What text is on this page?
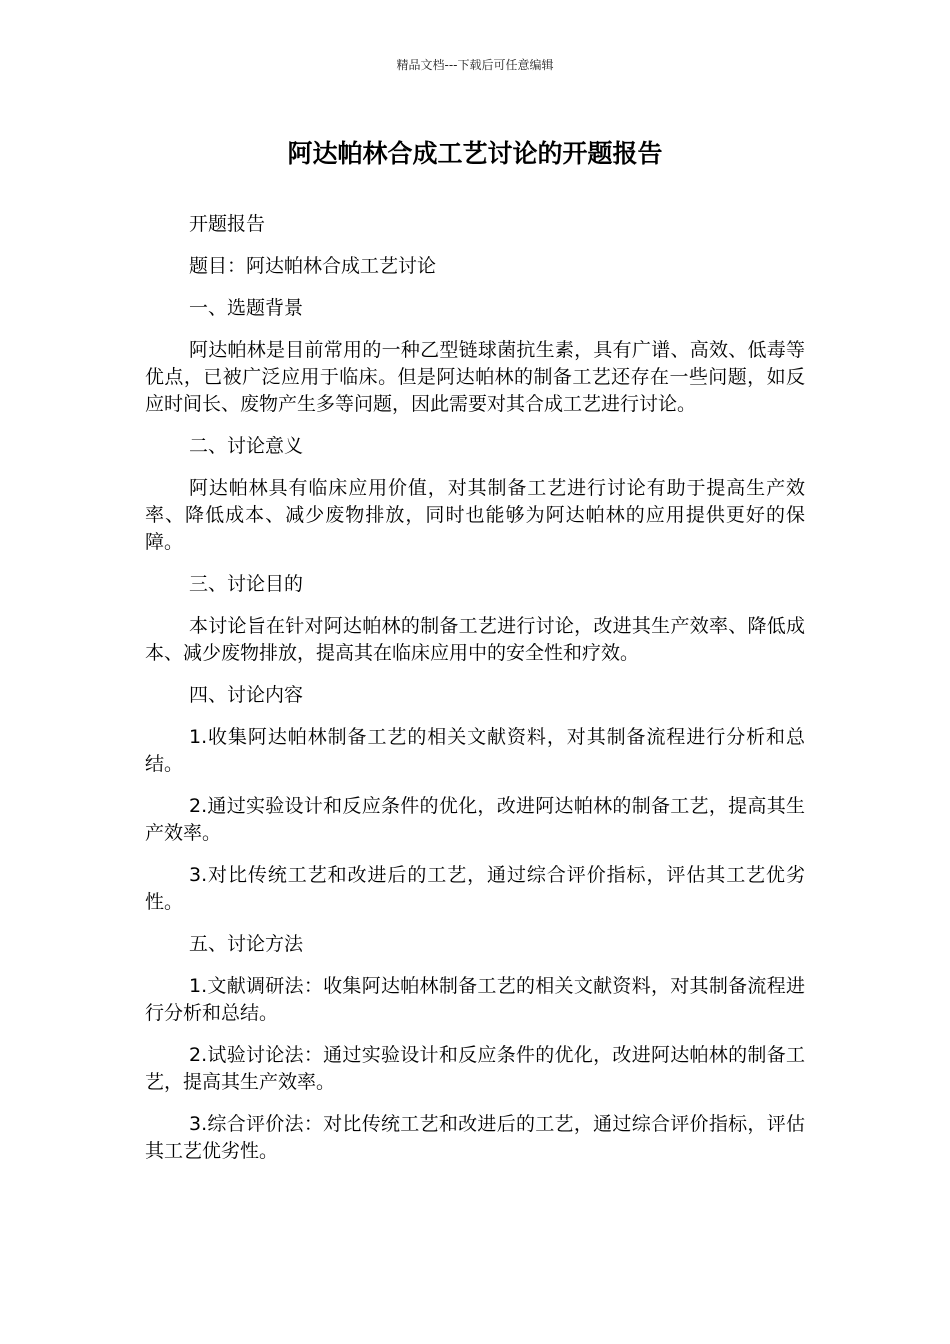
精品文档---下载后可任意编辑
阿达帕林合成工艺讨论的开题报告

开题报告

题目：阿达帕林合成工艺讨论

一、选题背景

阿达帕林是目前常用的一种乙型链球菌抗生素，具有广谱、高效、低毒等优点，已被广泛应用于临床。但是阿达帕林的制备工艺还存在一些问题，如反应时间长、废物产生多等问题，因此需要对其合成工艺进行讨论。

二、讨论意义

阿达帕林具有临床应用价值，对其制备工艺进行讨论有助于提高生产效率、降低成本、减少废物排放，同时也能够为阿达帕林的应用提供更好的保障。

三、讨论目的

本讨论旨在针对阿达帕林的制备工艺进行讨论，改进其生产效率、降低成本、减少废物排放，提高其在临床应用中的安全性和疗效。

四、讨论内容

1.收集阿达帕林制备工艺的相关文献资料，对其制备流程进行分析和总结。

2.通过实验设计和反应条件的优化，改进阿达帕林的制备工艺，提高其生产效率。

3.对比传统工艺和改进后的工艺，通过综合评价指标，评估其工艺优劣性。

五、讨论方法

1.文献调研法：收集阿达帕林制备工艺的相关文献资料，对其制备流程进行分析和总结。

2.试验讨论法：通过实验设计和反应条件的优化，改进阿达帕林的制备工艺，提高其生产效率。

3.综合评价法：对比传统工艺和改进后的工艺，通过综合评价指标，评估其工艺优劣性。
